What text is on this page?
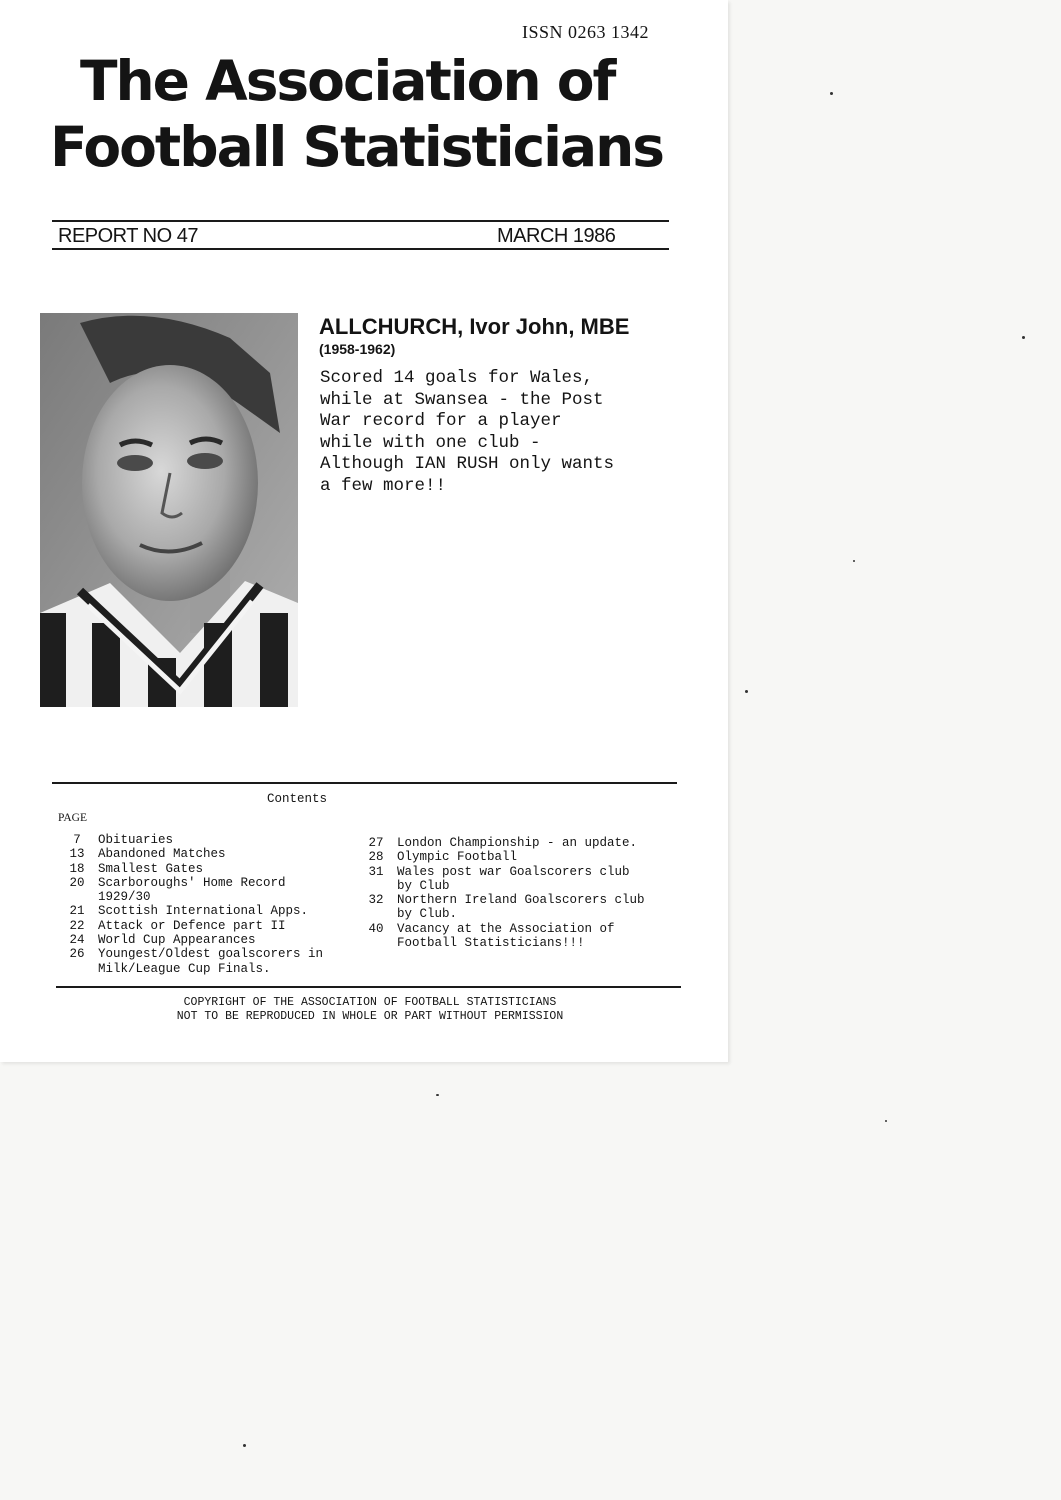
ISSN 0263 1342
The Association of
Football Statisticians
REPORT NO 47	MARCH 1986
ALLCHURCH, Ivor John, MBE
(1958-1962)

Scored 14 goals for Wales,
while at Swansea - the Post
War record for a player
while with one club -
Although IAN RUSH only wants
a few more!!

Contents
PAGE
7	Obituaries
13	Abandoned Matches
18	Smallest Gates
20	Scarboroughs' Home Record
1929/30
21	Scottish International Apps.
22	Attack or Defence part II
24	World Cup Appearances
26	Youngest/Oldest goalscorers in
Milk/League Cup Finals.
27	London Championship - an update.
28	Olympic Football
31	Wales post war Goalscorers club
by Club
32	Northern Ireland Goalscorers club
by Club.
40	Vacancy at the Association of
Football Statisticians!!!
COPYRIGHT OF THE ASSOCIATION OF FOOTBALL STATISTICIANS
NOT TO BE REPRODUCED IN WHOLE OR PART WITHOUT PERMISSION
